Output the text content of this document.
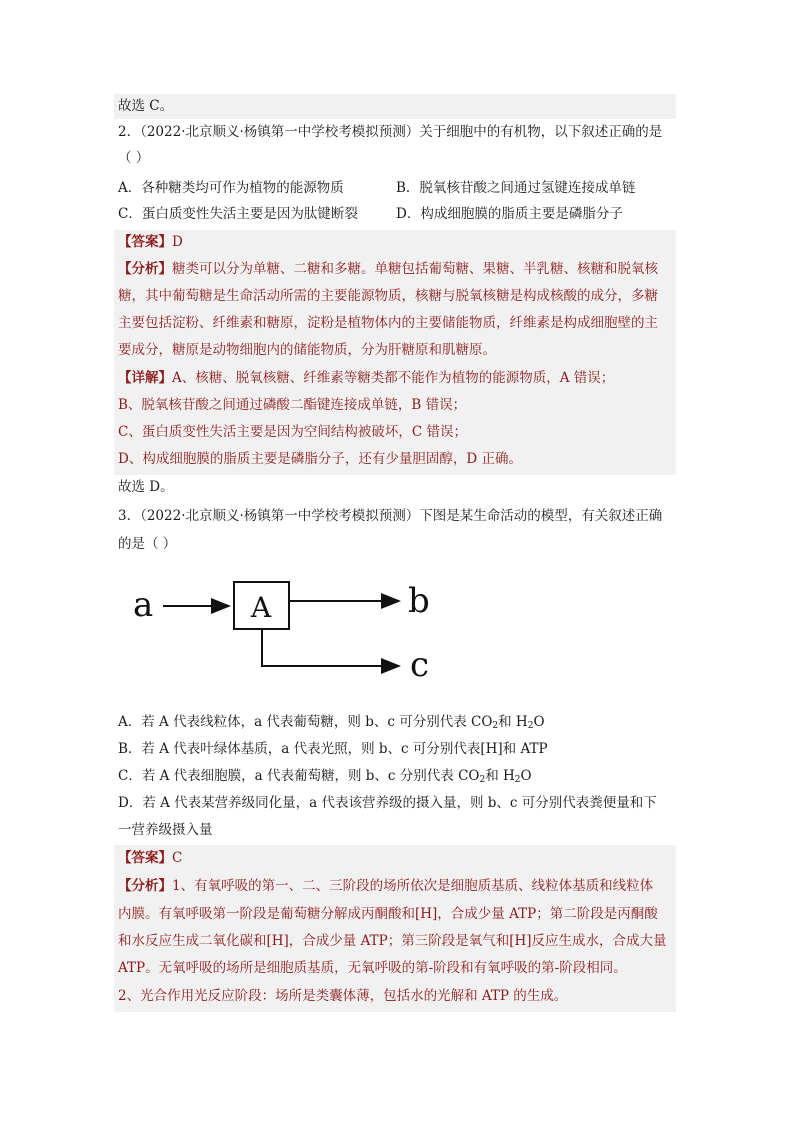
故选 C。
2．（2022·北京顺义·杨镇第一中学校考模拟预测）关于细胞中的有机物，以下叙述正确的是
（ ）
A．各种糖类均可作为植物的能源物质	B．脱氧核苷酸之间通过氢键连接成单链
C．蛋白质变性失活主要是因为肽键断裂	D．构成细胞膜的脂质主要是磷脂分子
【答案】D
【分析】糖类可以分为单糖、二糖和多糖。单糖包括葡萄糖、果糖、半乳糖、核糖和脱氧核
糖，其中葡萄糖是生命活动所需的主要能源物质，核糖与脱氧核糖是构成核酸的成分，多糖
主要包括淀粉、纤维素和糖原，淀粉是植物体内的主要储能物质，纤维素是构成细胞壁的主
要成分，糖原是动物细胞内的储能物质，分为肝糖原和肌糖原。
【详解】A、核糖、脱氧核糖、纤维素等糖类都不能作为植物的能源物质，A 错误；
B、脱氧核苷酸之间通过磷酸二酯键连接成单链，B 错误；
C、蛋白质变性失活主要是因为空间结构被破坏，C 错误；
D、构成细胞膜的脂质主要是磷脂分子，还有少量胆固醇，D 正确。
故选 D。
3．（2022·北京顺义·杨镇第一中学校考模拟预测）下图是某生命活动的模型，有关叙述正确
的是（ ）
a	A	b
c
A．若 A 代表线粒体，a 代表葡萄糖，则 b、c 可分别代表 $CO_2$和 $H_2O$
B．若 A 代表叶绿体基质，a 代表光照，则 b、c 可分别代表[H]和 ATP
C．若 A 代表细胞膜，a 代表葡萄糖，则 b、c 分别代表 $CO_2$和 $H_2O$
D．若 A 代表某营养级同化量，a 代表该营养级的摄入量，则 b、c 可分别代表粪便量和下
一营养级摄入量
【答案】C
【分析】1、有氧呼吸的第一、二、三阶段的场所依次是细胞质基质、线粒体基质和线粒体
内膜。有氧呼吸第一阶段是葡萄糖分解成丙酮酸和[H]，合成少量 ATP；第二阶段是丙酮酸
和水反应生成二氧化碳和[H]，合成少量 ATP；第三阶段是氧气和[H]反应生成水，合成大量
ATP。无氧呼吸的场所是细胞质基质，无氧呼吸的第-阶段和有氧呼吸的第-阶段相同。
2、光合作用光反应阶段：场所是类囊体薄，包括水的光解和 ATP 的生成。
